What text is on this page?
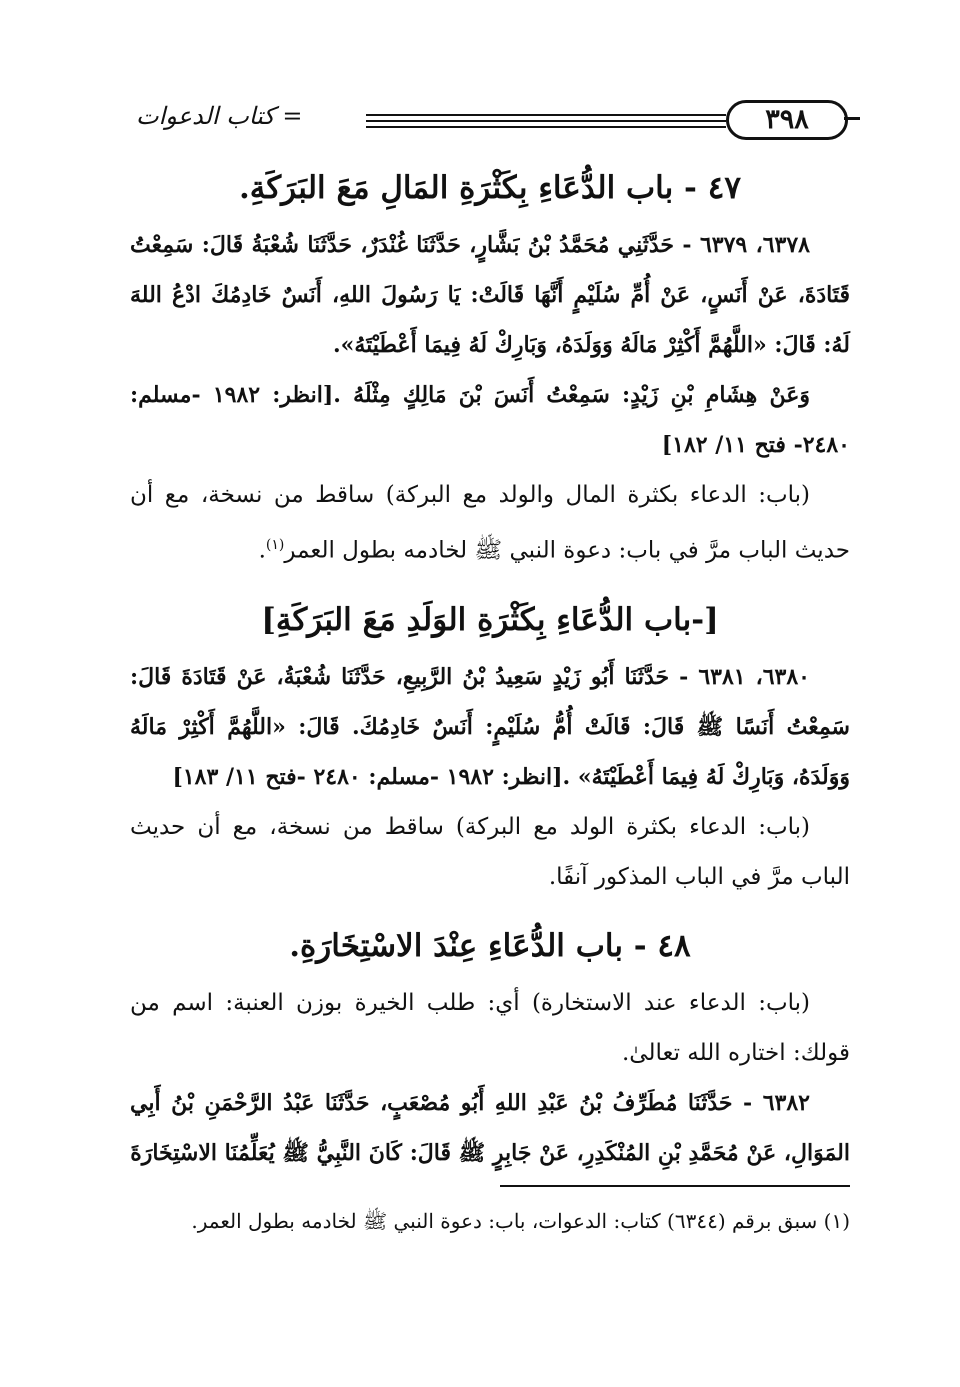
كتاب الدعوات =	٣٩٨
٤٧ - باب الدُّعَاءِ بِكَثْرَةِ المَالِ مَعَ البَرَكَةِ.

٦٣٧٨، ٦٣٧٩ - حَدَّثَنِي مُحَمَّدُ بْنُ بَشَّارٍ، حَدَّثَنَا غُنْدَرٌ، حَدَّثَنَا شُعْبَةُ قَالَ: سَمِعْتُ قَتَادَةَ، عَنْ أَنَسٍ، عَنْ أُمِّ سُلَيْمٍ أَنَّهَا قَالَتْ: يَا رَسُولَ اللهِ، أَنَسٌ خَادِمُكَ ادْعُ اللهَ لَهُ: قَالَ: «اللَّهُمَّ أَكْثِرْ مَالَهُ وَوَلَدَهُ، وَبَارِكْ لَهُ فِيمَا أَعْطَيْتَهُ».

وَعَنْ هِشَامِ بْنِ زَيْدٍ: سَمِعْتُ أَنَسَ بْنَ مَالِكٍ مِثْلَهُ .[انظر: ١٩٨٢ -مسلم: ٢٤٨٠- فتح ١١/ ١٨٢]

(باب: الدعاء بكثرة المال والولد مع البركة) ساقط من نسخة، مع أن حديث الباب مرَّ في باب: دعوة النبي ﷺ لخادمه بطول العمر$^{(١)}$.

[-باب الدُّعَاءِ بِكَثْرَةِ الوَلَدِ مَعَ البَرَكَةِ]

٦٣٨٠، ٦٣٨١ - حَدَّثَنَا أَبُو زَيْدٍ سَعِيدُ بْنُ الرَّبِيعِ، حَدَّثَنَا شُعْبَةُ، عَنْ قَتَادَةَ قَالَ: سَمِعْتُ أَنَسًا ﷺ قَالَ: قَالَتْ أُمُّ سُلَيْمٍ: أَنَسٌ خَادِمُكَ. قَالَ: «اللَّهُمَّ أَكْثِرْ مَالَهُ وَوَلَدَهُ، وَبَارِكْ لَهُ فِيمَا أَعْطَيْتَهُ» .[انظر: ١٩٨٢ -مسلم: ٢٤٨٠ -فتح ١١/ ١٨٣]

(باب: الدعاء بكثرة الولد مع البركة) ساقط من نسخة، مع أن حديث الباب مرَّ في الباب المذكور آنفًا.

٤٨ - باب الدُّعَاءِ عِنْدَ الاسْتِخَارَةِ.

(باب: الدعاء عند الاستخارة) أي: طلب الخيرة بوزن العنبة: اسم من قولك: اختاره الله تعالىٰ.

٦٣٨٢ - حَدَّثَنَا مُطَرِّفُ بْنُ عَبْدِ اللهِ أَبُو مُصْعَبٍ، حَدَّثَنَا عَبْدُ الرَّحْمَنِ بْنُ أَبِي المَوَالِ، عَنْ مُحَمَّدِ بْنِ المُنْكَدِرِ، عَنْ جَابِرٍ ﷺ قَالَ: كَانَ النَّبِيُّ ﷺ يُعَلِّمُنَا الاسْتِخَارَةَ

(١) سبق برقم (٦٣٤٤) كتاب: الدعوات، باب: دعوة النبي ﷺ لخادمه بطول العمر.
